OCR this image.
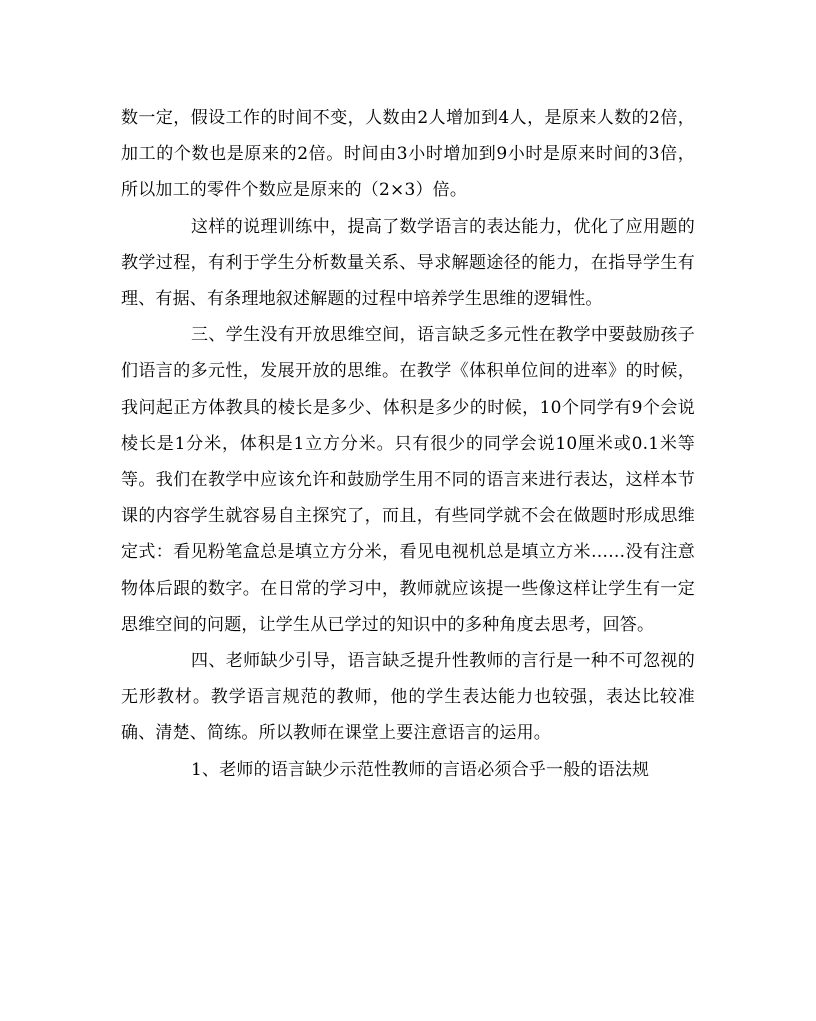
数一定，假设工作的时间不变，人数由2人增加到4人，是原来人数的2倍，加工的个数也是原来的2倍。时间由3小时增加到9小时是原来时间的3倍，所以加工的零件个数应是原来的（2×3）倍。

这样的说理训练中，提高了数学语言的表达能力，优化了应用题的教学过程，有利于学生分析数量关系、导求解题途径的能力，在指导学生有理、有据、有条理地叙述解题的过程中培养学生思维的逻辑性。

三、学生没有开放思维空间，语言缺乏多元性在教学中要鼓励孩子们语言的多元性，发展开放的思维。在教学《体积单位间的进率》的时候，我问起正方体教具的棱长是多少、体积是多少的时候，10个同学有9个会说棱长是1分米，体积是1立方分米。只有很少的同学会说10厘米或0.1米等等。我们在教学中应该允许和鼓励学生用不同的语言来进行表达，这样本节课的内容学生就容易自主探究了，而且，有些同学就不会在做题时形成思维定式：看见粉笔盒总是填立方分米，看见电视机总是填立方米……没有注意物体后跟的数字。在日常的学习中，教师就应该提一些像这样让学生有一定思维空间的问题，让学生从已学过的知识中的多种角度去思考，回答。

四、老师缺少引导，语言缺乏提升性教师的言行是一种不可忽视的无形教材。教学语言规范的教师，他的学生表达能力也较强，表达比较准确、清楚、简练。所以教师在课堂上要注意语言的运用。

1、老师的语言缺少示范性教师的言语必须合乎一般的语法规
